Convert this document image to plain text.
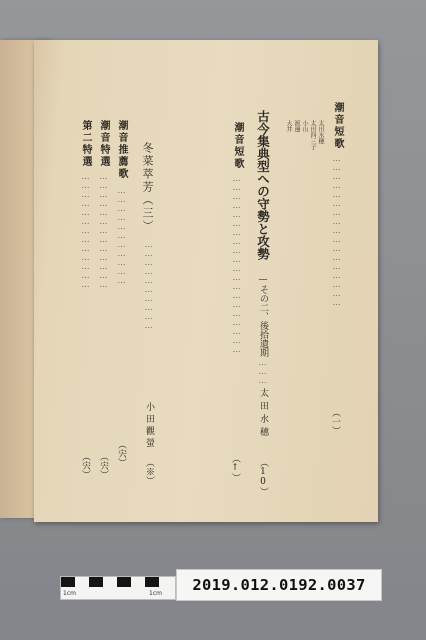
潮音短歌
……………………………………………
（一）
太田水穗
太田四三子
小山
渡邊
大井
古今集典型への守勢と攻勢
—その二、後拾遺期
………
太田水穗
（10）
潮音短歌
……………………………………………………
（↑）
冬菜萃芳（三）
…………………………
小田觀螢
（※）
潮音推薦歌
……………………………
（宍）
潮音特選
…………………………………
（宍）
第二特選
…………………………………
（宍）
1cm	1cm	2019.012.0192.0037
